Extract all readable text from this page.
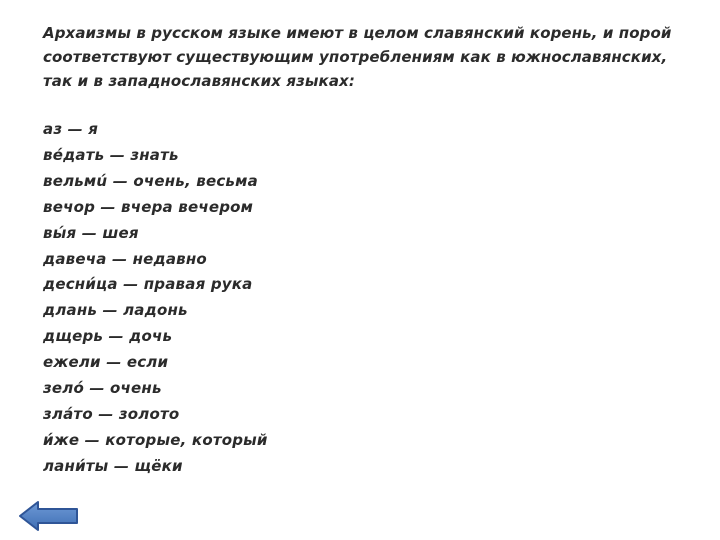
Архаизмы в русском языке имеют в целом славянский корень, и порой соответствуют существующим употреблениям как в южнославянских, так и в западнославянских языках:

аз — я
вéдать — знать
вельмú — очень, весьма
вечор — вчера вечером
вы́я — шея
давеча — недавно
десни́ца — правая рука
длань — ладонь
дщерь — дочь
ежели — если
зелó — очень
злáто — золото
и́же — которые, который
лани́ты — щёки
